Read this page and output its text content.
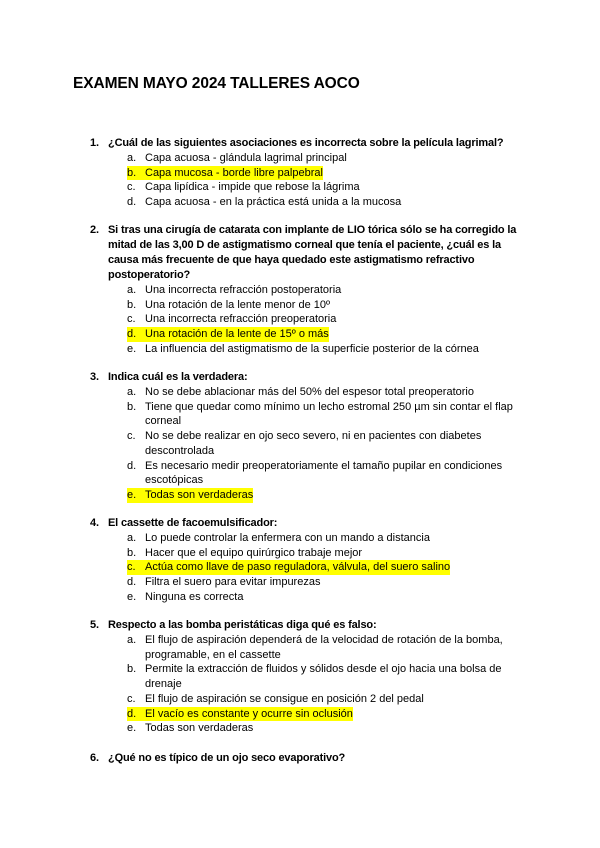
EXAMEN MAYO 2024 TALLERES AOCO
1. ¿Cuál de las siguientes asociaciones es incorrecta sobre la película lagrimal?
a. Capa acuosa - glándula lagrimal principal
b. Capa mucosa - borde libre palpebral
c. Capa lipídica - impide que rebose la lágrima
d. Capa acuosa - en la práctica está unida a la mucosa
2. Si tras una cirugía de catarata con implante de LIO tórica sólo se ha corregido la mitad de las 3,00 D de astigmatismo corneal que tenía el paciente, ¿cuál es la causa más frecuente de que haya quedado este astigmatismo refractivo postoperatorio?
a. Una incorrecta refracción postoperatoria
b. Una rotación de la lente menor de 10º
c. Una incorrecta refracción preoperatoria
d. Una rotación de la lente de 15º o más
e. La influencia del astigmatismo de la superficie posterior de la córnea
3. Indica cuál es la verdadera:
a. No se debe ablacionar más del 50% del espesor total preoperatorio
b. Tiene que quedar como mínimo un lecho estromal 250 µm sin contar el flap corneal
c. No se debe realizar en ojo seco severo, ni en pacientes con diabetes descontrolada
d. Es necesario medir preoperatoriamente el tamaño pupilar en condiciones escotópicas
e. Todas son verdaderas
4. El cassette de facoemulsificador:
a. Lo puede controlar la enfermera con un mando a distancia
b. Hacer que el equipo quirúrgico trabaje mejor
c. Actúa como llave de paso reguladora, válvula, del suero salino
d. Filtra el suero para evitar impurezas
e. Ninguna es correcta
5. Respecto a las bomba peristáticas diga qué es falso:
a. El flujo de aspiración dependerá de la velocidad de rotación de la bomba, programable, en el cassette
b. Permite la extracción de fluidos y sólidos desde el ojo hacia una bolsa de drenaje
c. El flujo de aspiración se consigue en posición 2 del pedal
d. El vacío es constante y ocurre sin oclusión
e. Todas son verdaderas
6. ¿Qué no es típico de un ojo seco evaporativo?
